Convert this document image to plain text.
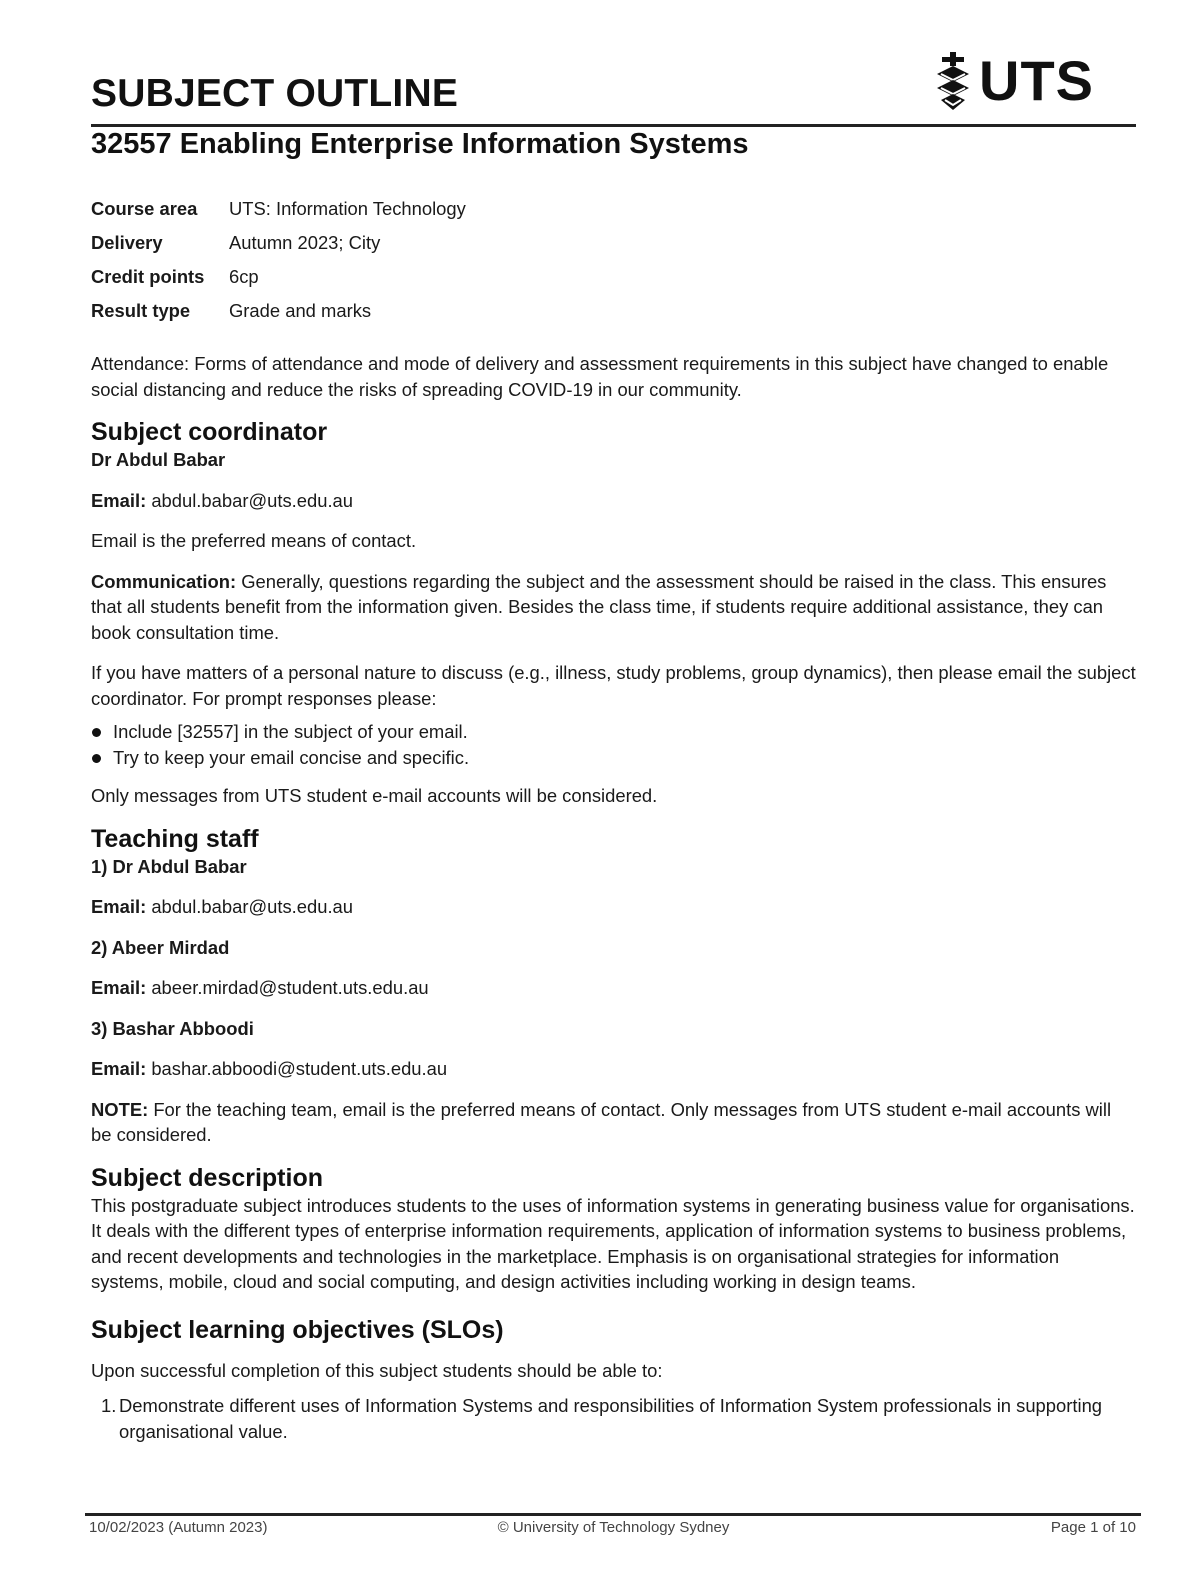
SUBJECT OUTLINE	UTS
32557 Enabling Enterprise Information Systems
Course area	UTS: Information Technology
Delivery	Autumn 2023; City
Credit points	6cp
Result type	Grade and marks

Attendance: Forms of attendance and mode of delivery and assessment requirements in this subject have changed to enable social distancing and reduce the risks of spreading COVID-19 in our community.

Subject coordinator

Dr Abdul Babar

Email: abdul.babar@uts.edu.au

Email is the preferred means of contact.

Communication: Generally, questions regarding the subject and the assessment should be raised in the class. This ensures that all students benefit from the information given. Besides the class time, if students require additional assistance, they can book consultation time.

If you have matters of a personal nature to discuss (e.g., illness, study problems, group dynamics), then please email the subject coordinator. For prompt responses please:

Include [32557] in the subject of your email.
Try to keep your email concise and specific.

Only messages from UTS student e-mail accounts will be considered.

Teaching staff

1) Dr Abdul Babar

Email: abdul.babar@uts.edu.au

2) Abeer Mirdad

Email: abeer.mirdad@student.uts.edu.au

3) Bashar Abboodi

Email: bashar.abboodi@student.uts.edu.au

NOTE: For the teaching team, email is the preferred means of contact. Only messages from UTS student e-mail accounts will be considered.

Subject description

This postgraduate subject introduces students to the uses of information systems in generating business value for organisations. It deals with the different types of enterprise information requirements, application of information systems to business problems, and recent developments and technologies in the marketplace. Emphasis is on organisational strategies for information systems, mobile, cloud and social computing, and design activities including working in design teams.

Subject learning objectives (SLOs)

Upon successful completion of this subject students should be able to:

1. Demonstrate different uses of Information Systems and responsibilities of Information System professionals in supporting organisational value.
10/02/2023 (Autumn 2023)	© University of Technology Sydney	Page 1 of 10
